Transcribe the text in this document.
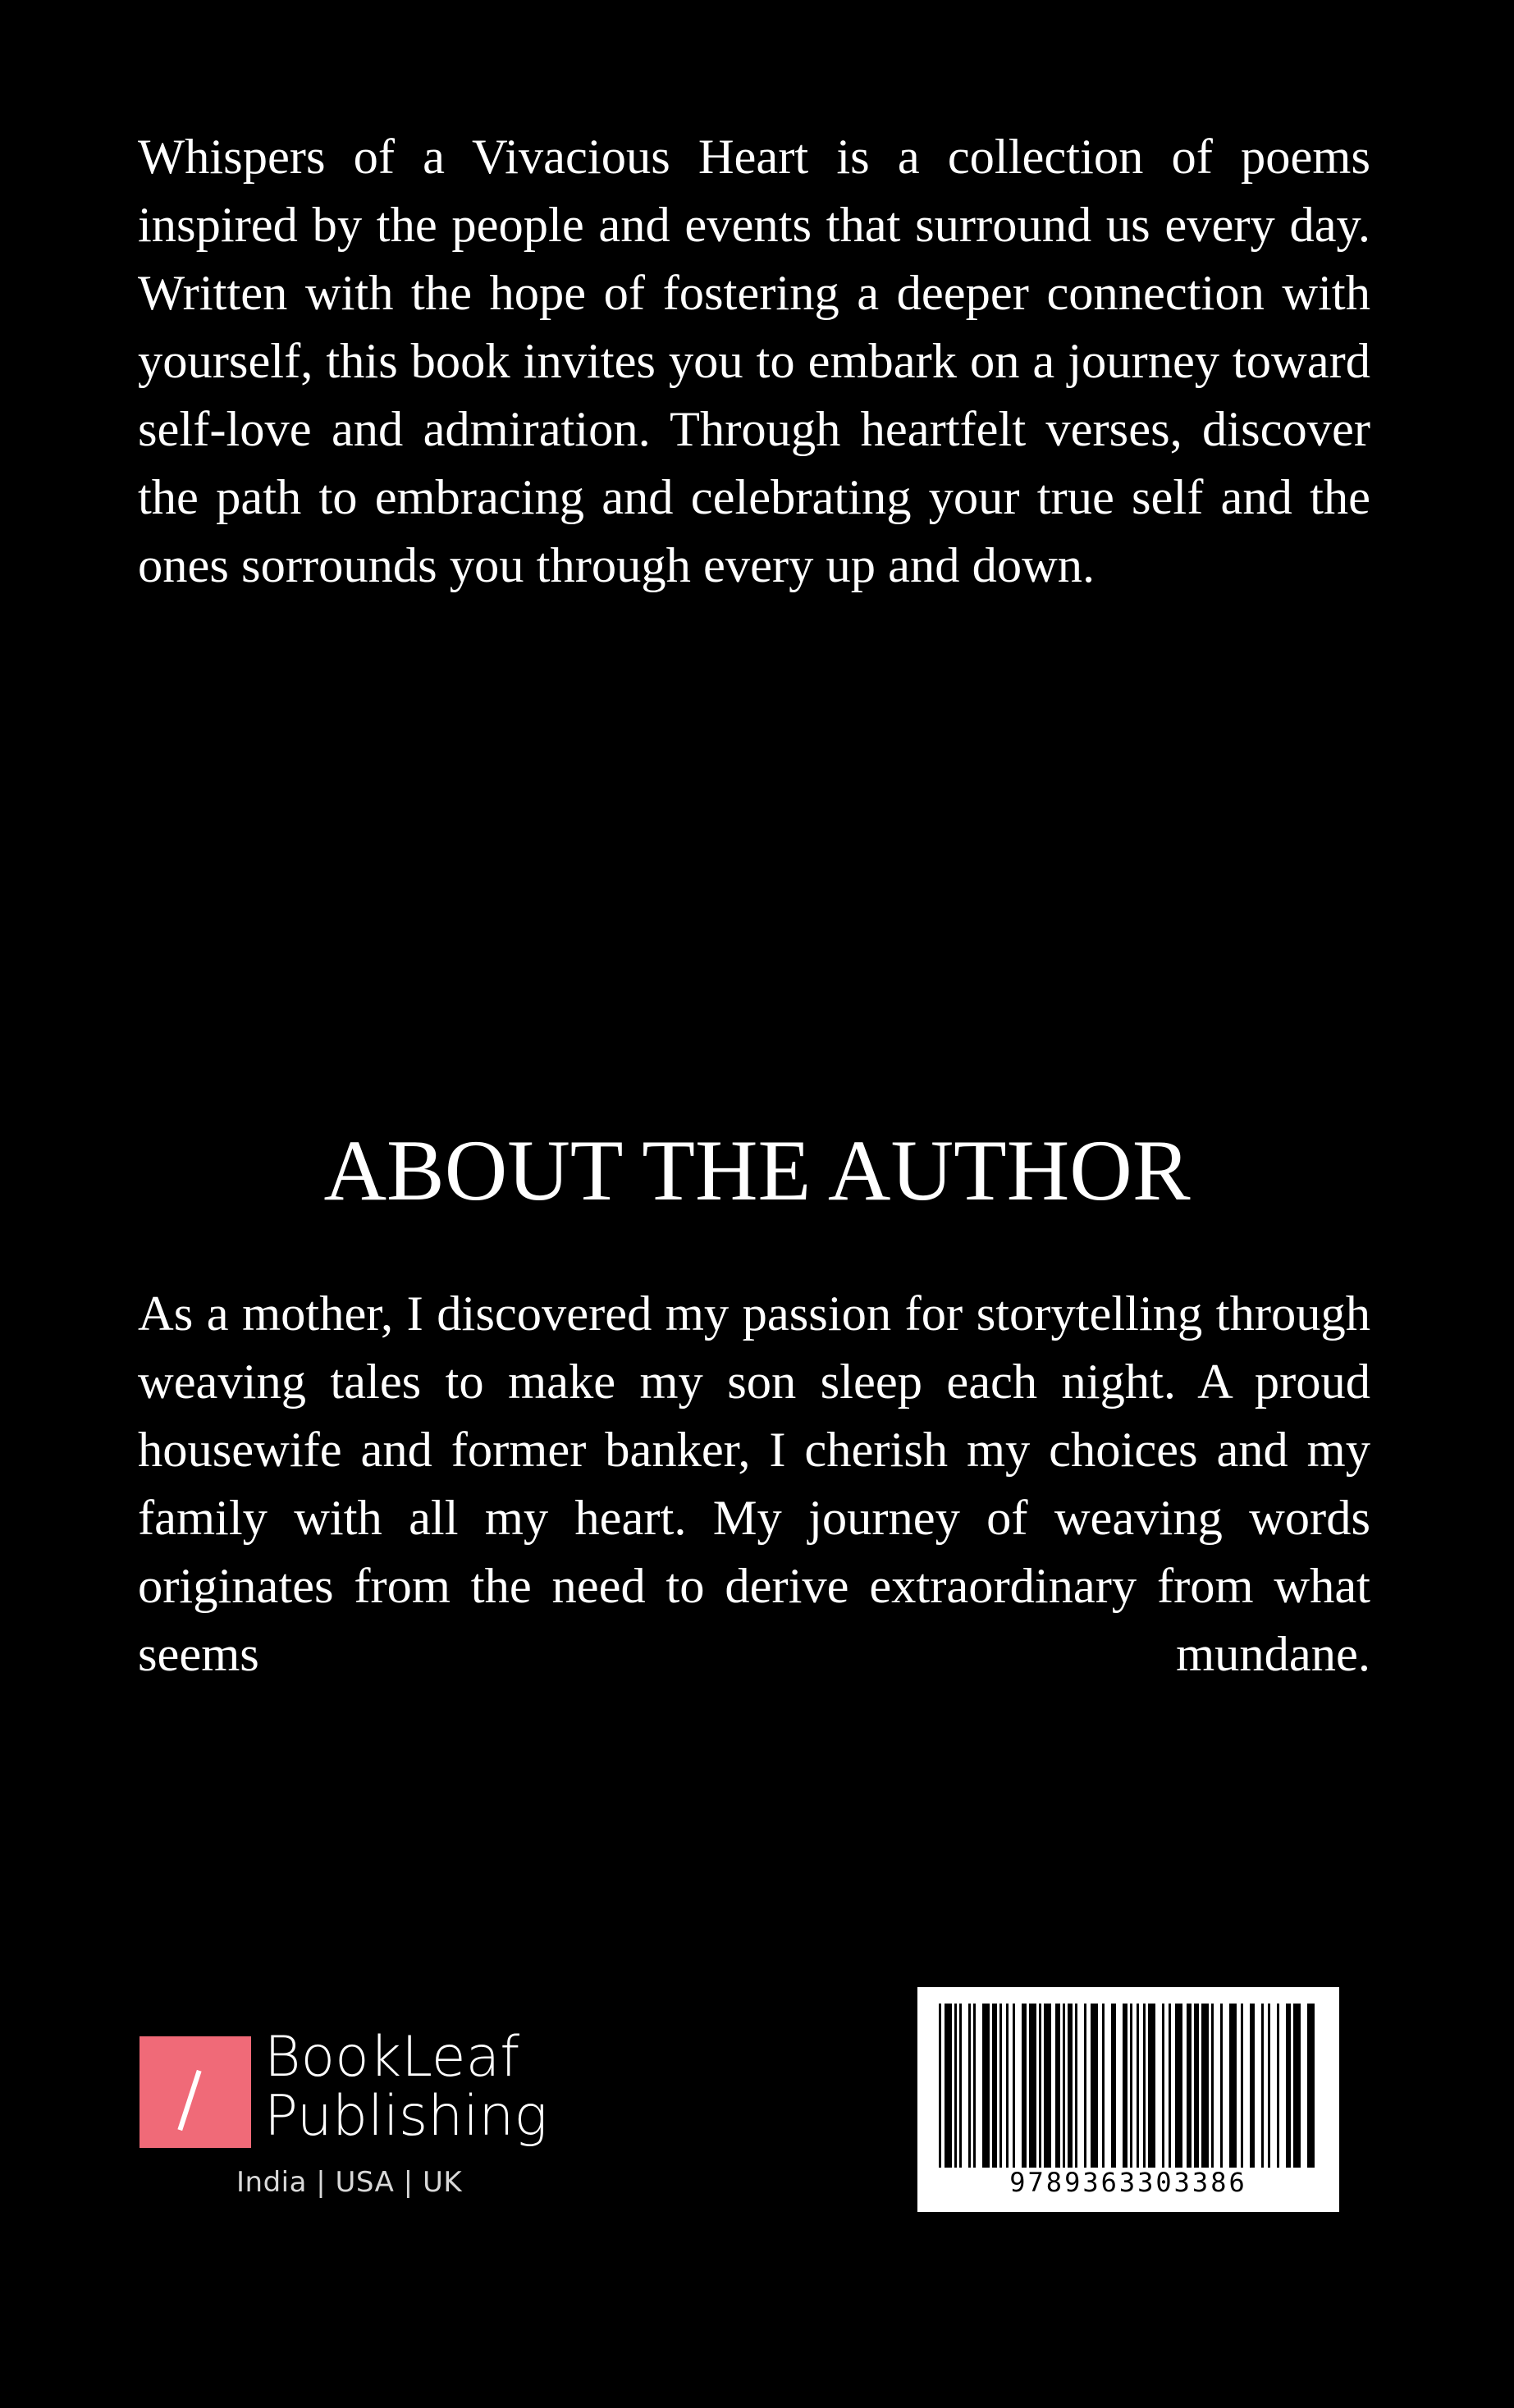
Whispers of a Vivacious Heart is a collection of poems inspired by the people and events that surround us every day. Written with the hope of fostering a deeper connection with yourself, this book invites you to embark on a journey toward self-love and admiration. Through heartfelt verses, discover the path to embracing and celebrating your true self and the ones sorrounds you through every up and down.

ABOUT THE AUTHOR

As a mother, I discovered my passion for storytelling through weaving tales to make my son sleep each night. A proud housewife and former banker, I cherish my choices and my family with all my heart. My journey of weaving words originates from the need to derive extraordinary from what seems mundane.

BookLeaf
Publishing
India | USA | UK	9789363303386
